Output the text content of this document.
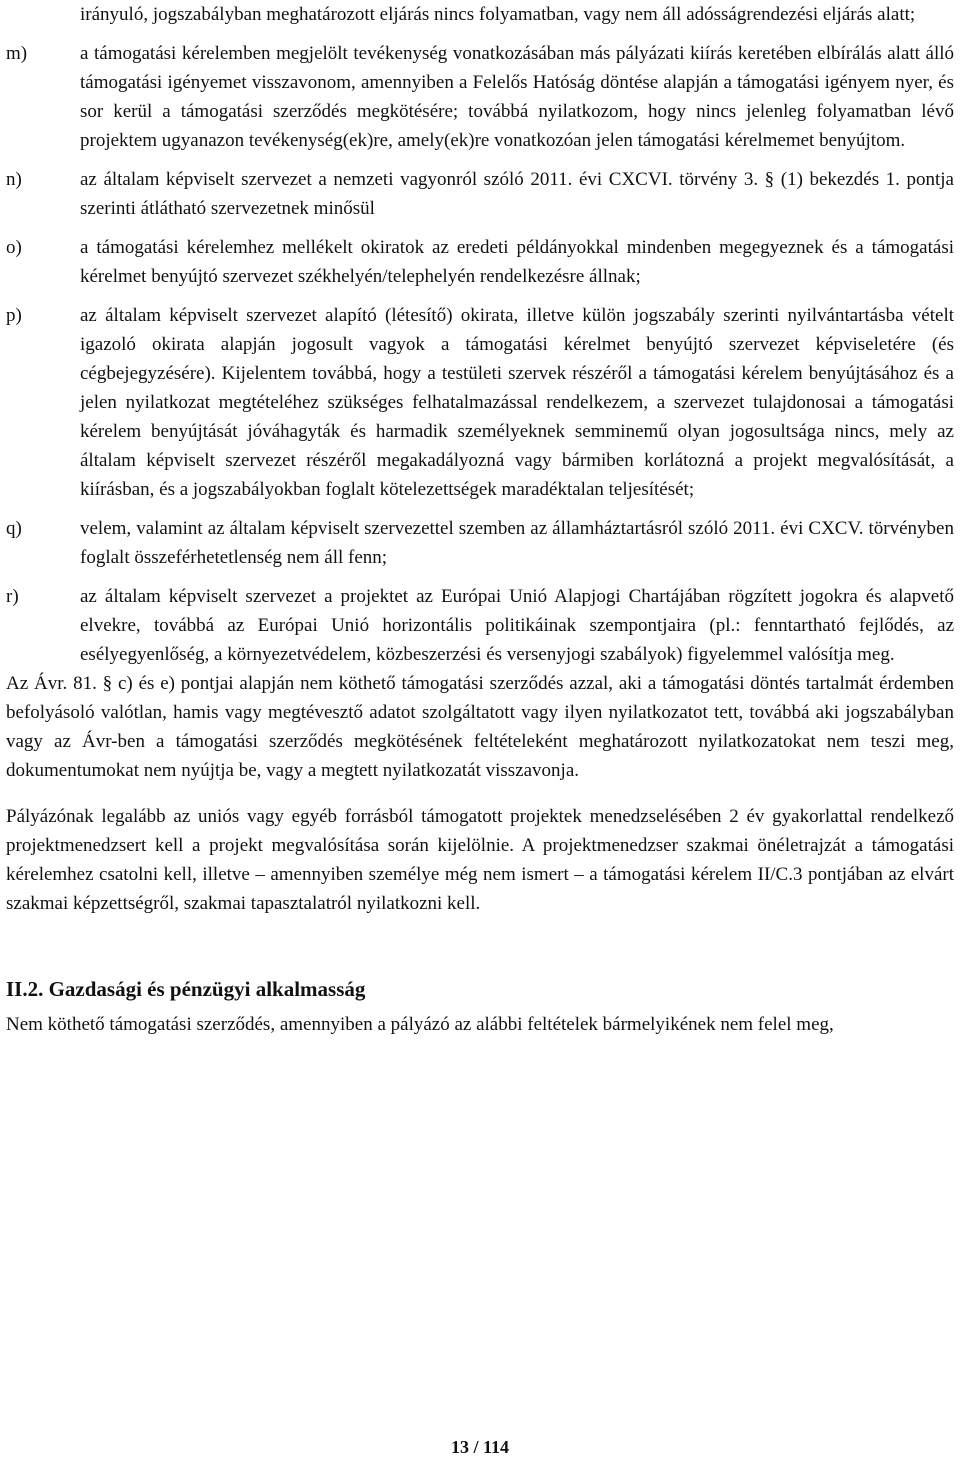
irányuló, jogszabályban meghatározott eljárás nincs folyamatban, vagy nem áll adósságrendezési eljárás alatt;

m)	a támogatási kérelemben megjelölt tevékenység vonatkozásában más pályázati kiírás keretében elbírálás alatt álló támogatási igényemet visszavonom, amennyiben a Felelős Hatóság döntése alapján a támogatási igényem nyer, és sor kerül a támogatási szerződés megkötésére; továbbá nyilatkozom, hogy nincs jelenleg folyamatban lévő projektem ugyanazon tevékenység(ek)re, amely(ek)re vonatkozóan jelen támogatási kérelmemet benyújtom.
n)	az általam képviselt szervezet a nemzeti vagyonról szóló 2011. évi CXCVI. törvény 3. § (1) bekezdés 1. pontja szerinti átlátható szervezetnek minősül
o)	a támogatási kérelemhez mellékelt okiratok az eredeti példányokkal mindenben megegyeznek és a támogatási kérelmet benyújtó szervezet székhelyén/telephelyén rendelkezésre állnak;
p)	az általam képviselt szervezet alapító (létesítő) okirata, illetve külön jogszabály szerinti nyilvántartásba vételt igazoló okirata alapján jogosult vagyok a támogatási kérelmet benyújtó szervezet képviseletére (és cégbejegyzésére). Kijelentem továbbá, hogy a testületi szervek részéről a támogatási kérelem benyújtásához és a jelen nyilatkozat megtételéhez szükséges felhatalmazással rendelkezem, a szervezet tulajdonosai a támogatási kérelem benyújtását jóváhagyták és harmadik személyeknek semminemű olyan jogosultsága nincs, mely az általam képviselt szervezet részéről megakadályozná vagy bármiben korlátozná a projekt megvalósítását, a kiírásban, és a jogszabályokban foglalt kötelezettségek maradéktalan teljesítését;
q)	velem, valamint az általam képviselt szervezettel szemben az államháztartásról szóló 2011. évi CXCV. törvényben foglalt összeférhetetlenség nem áll fenn;
r)	az általam képviselt szervezet a projektet az Európai Unió Alapjogi Chartájában rögzített jogokra és alapvető elvekre, továbbá az Európai Unió horizontális politikáinak szempontjaira (pl.: fenntartható fejlődés, az esélyegyenlőség, a környezetvédelem, közbeszerzési és versenyjogi szabályok) figyelemmel valósítja meg.

Az Ávr. 81. § c) és e) pontjai alapján nem köthető támogatási szerződés azzal, aki a támogatási döntés tartalmát érdemben befolyásoló valótlan, hamis vagy megtévesztő adatot szolgáltatott vagy ilyen nyilatkozatot tett, továbbá aki jogszabályban vagy az Ávr-ben a támogatási szerződés megkötésének feltételeként meghatározott nyilatkozatokat nem teszi meg, dokumentumokat nem nyújtja be, vagy a megtett nyilatkozatát visszavonja.

Pályázónak legalább az uniós vagy egyéb forrásból támogatott projektek menedzselésében 2 év gyakorlattal rendelkező projektmenedzsert kell a projekt megvalósítása során kijelölnie. A projektmenedzser szakmai önéletrajzát a támogatási kérelemhez csatolni kell, illetve – amennyiben személye még nem ismert – a támogatási kérelem II/C.3 pontjában az elvárt szakmai képzettségről, szakmai tapasztalatról nyilatkozni kell.

II.2. Gazdasági és pénzügyi alkalmasság

Nem köthető támogatási szerződés, amennyiben a pályázó az alábbi feltételek bármelyikének nem felel meg,

13 / 114
